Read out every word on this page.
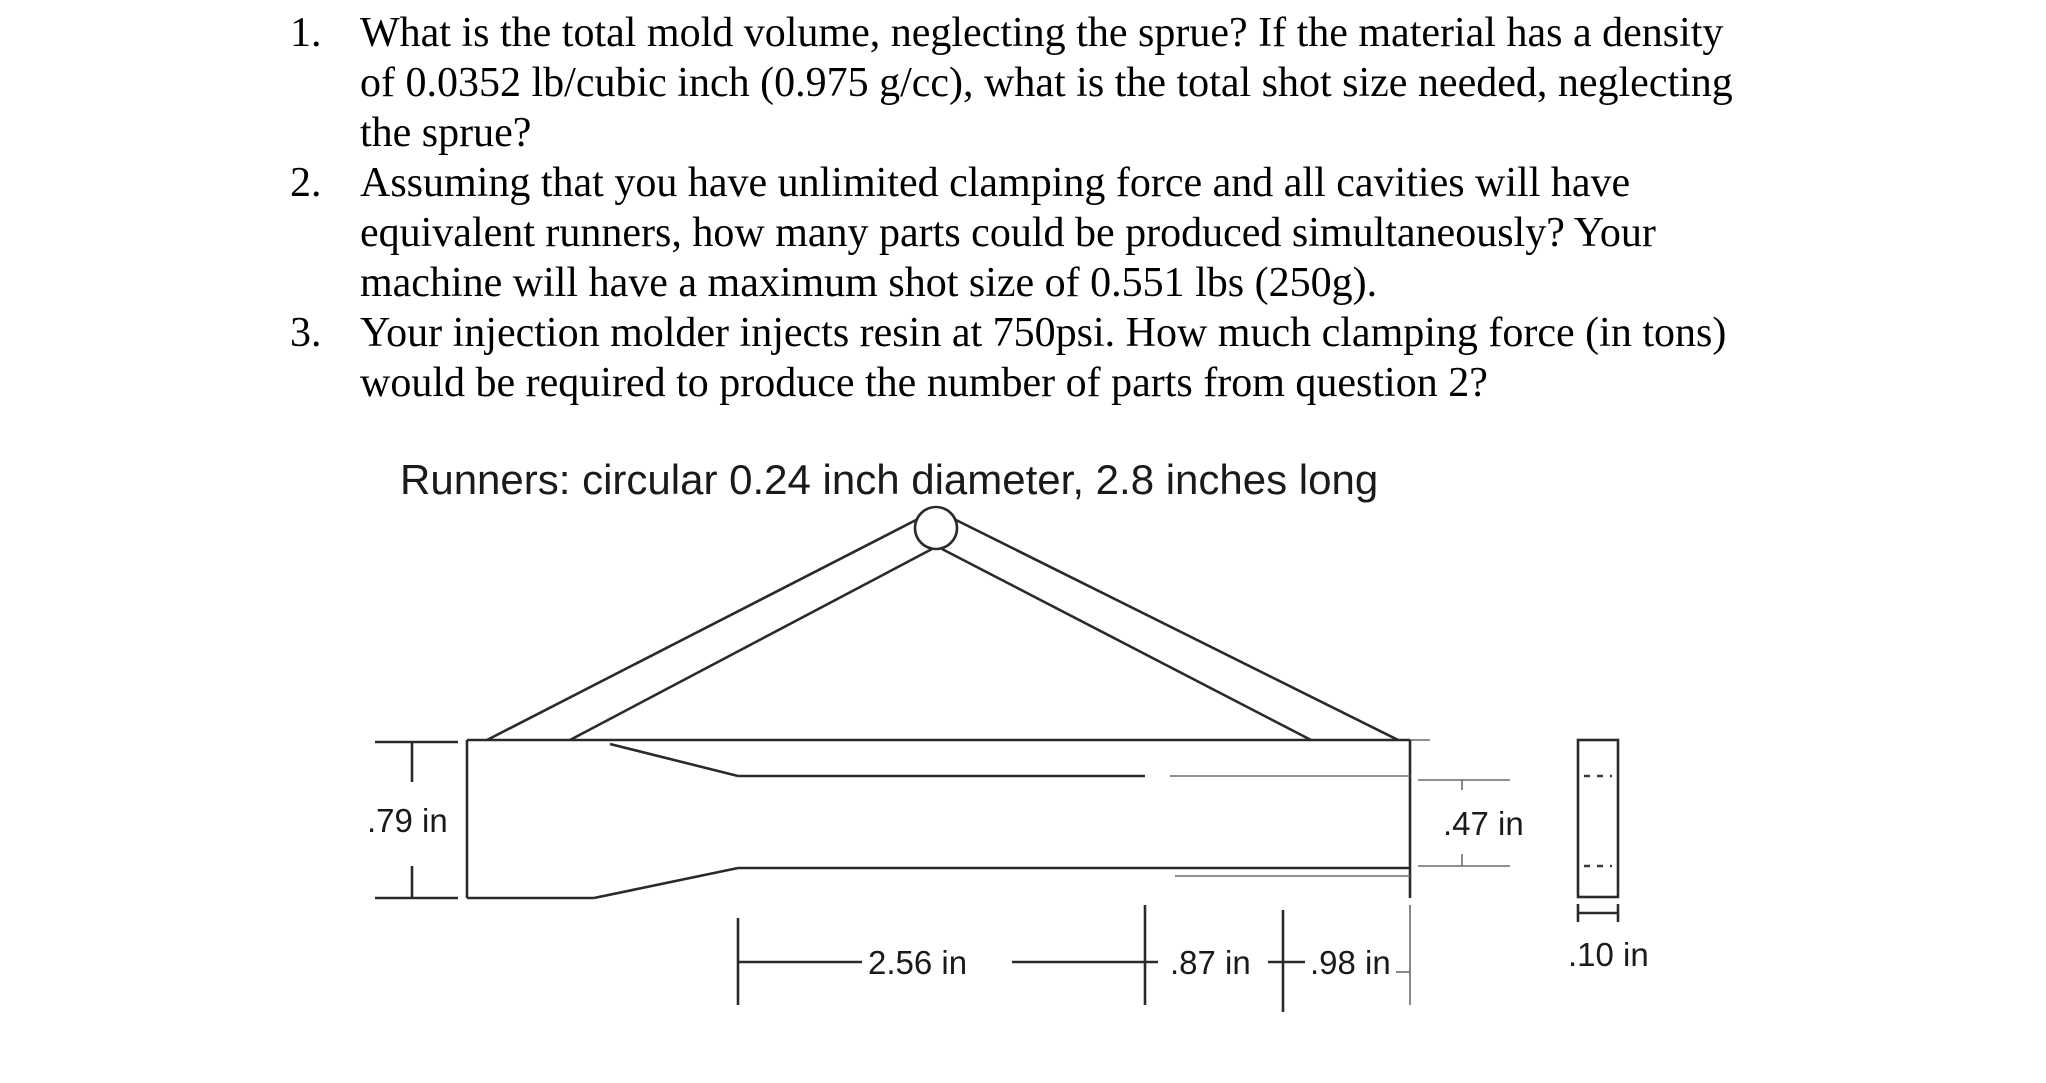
1. What is the total mold volume, neglecting the sprue? If the material has a density
of 0.0352 lb/cubic inch (0.975 g/cc), what is the total shot size needed, neglecting
the sprue?
2. Assuming that you have unlimited clamping force and all cavities will have
equivalent runners, how many parts could be produced simultaneously? Your
machine will have a maximum shot size of 0.551 lbs (250g).
3. Your injection molder injects resin at 750psi. How much clamping force (in tons)
would be required to produce the number of parts from question 2?
Runners: circular 0.24 inch diameter, 2.8 inches long
.79 in	.47 in
.10 in
2.56 in	.87 in .98 in
